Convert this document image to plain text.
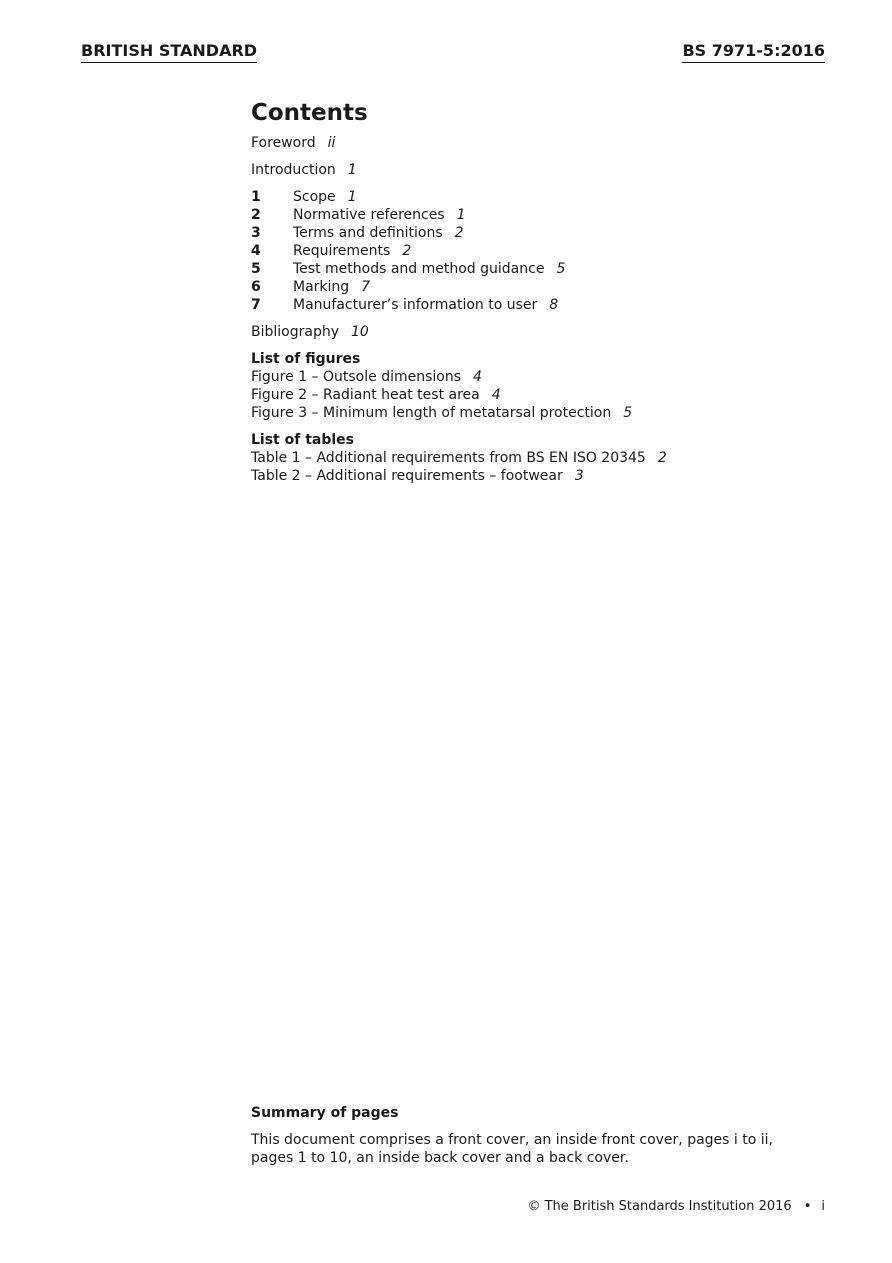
BRITISH STANDARD	BS 7971-5:2016
Contents
Foreword ii
Introduction 1
1	Scope 1
2	Normative references 1
3	Terms and definitions 2
4	Requirements 2
5	Test methods and method guidance 5
6	Marking 7
7	Manufacturer’s information to user 8
Bibliography 10
List of figures
Figure 1 – Outsole dimensions 4
Figure 2 – Radiant heat test area 4
Figure 3 – Minimum length of metatarsal protection 5
List of tables
Table 1 – Additional requirements from BS EN ISO 20345 2
Table 2 – Additional requirements – footwear 3
Summary of pages
This document comprises a front cover, an inside front cover, pages i to ii, pages 1 to 10, an inside back cover and a back cover.
© The British Standards Institution 2016 • i
